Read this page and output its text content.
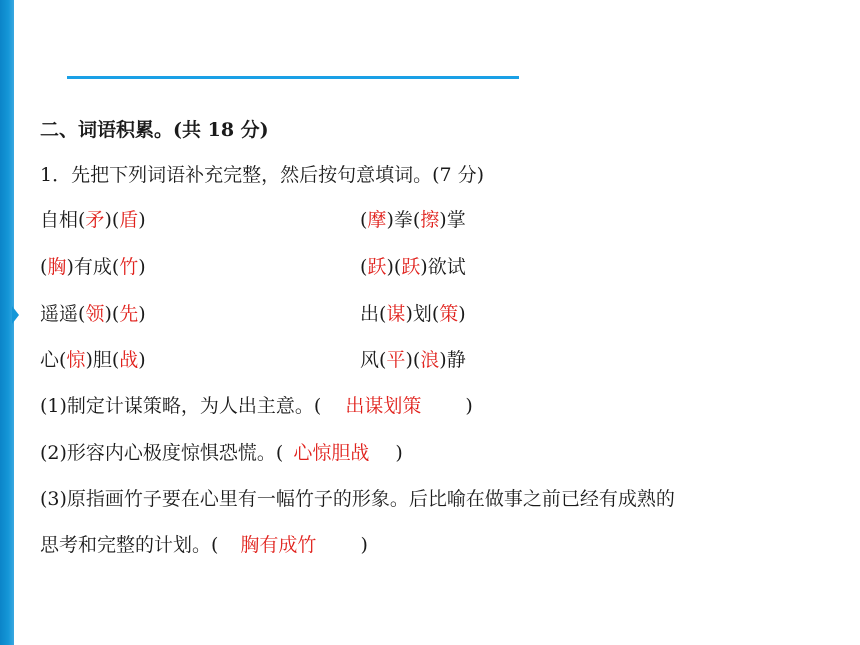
二、词语积累。(共 18 分)
1．先把下列词语补充完整，然后按句意填词。(7 分)
自相(矛)(盾)	(摩)拳(擦)掌
(胸)有成(竹)	(跃)(跃)欲试
遥遥(领)(先)	出(谋)划(策)
心(惊)胆(战)	风(平)(浪)静
(1)制定计谋策略，为人出主意。( 出谋划策 )
(2)形容内心极度惊惧恐慌。( 心惊胆战 )
(3)原指画竹子要在心里有一幅竹子的形象。后比喻在做事之前已经有成熟的
思考和完整的计划。( 胸有成竹 )
